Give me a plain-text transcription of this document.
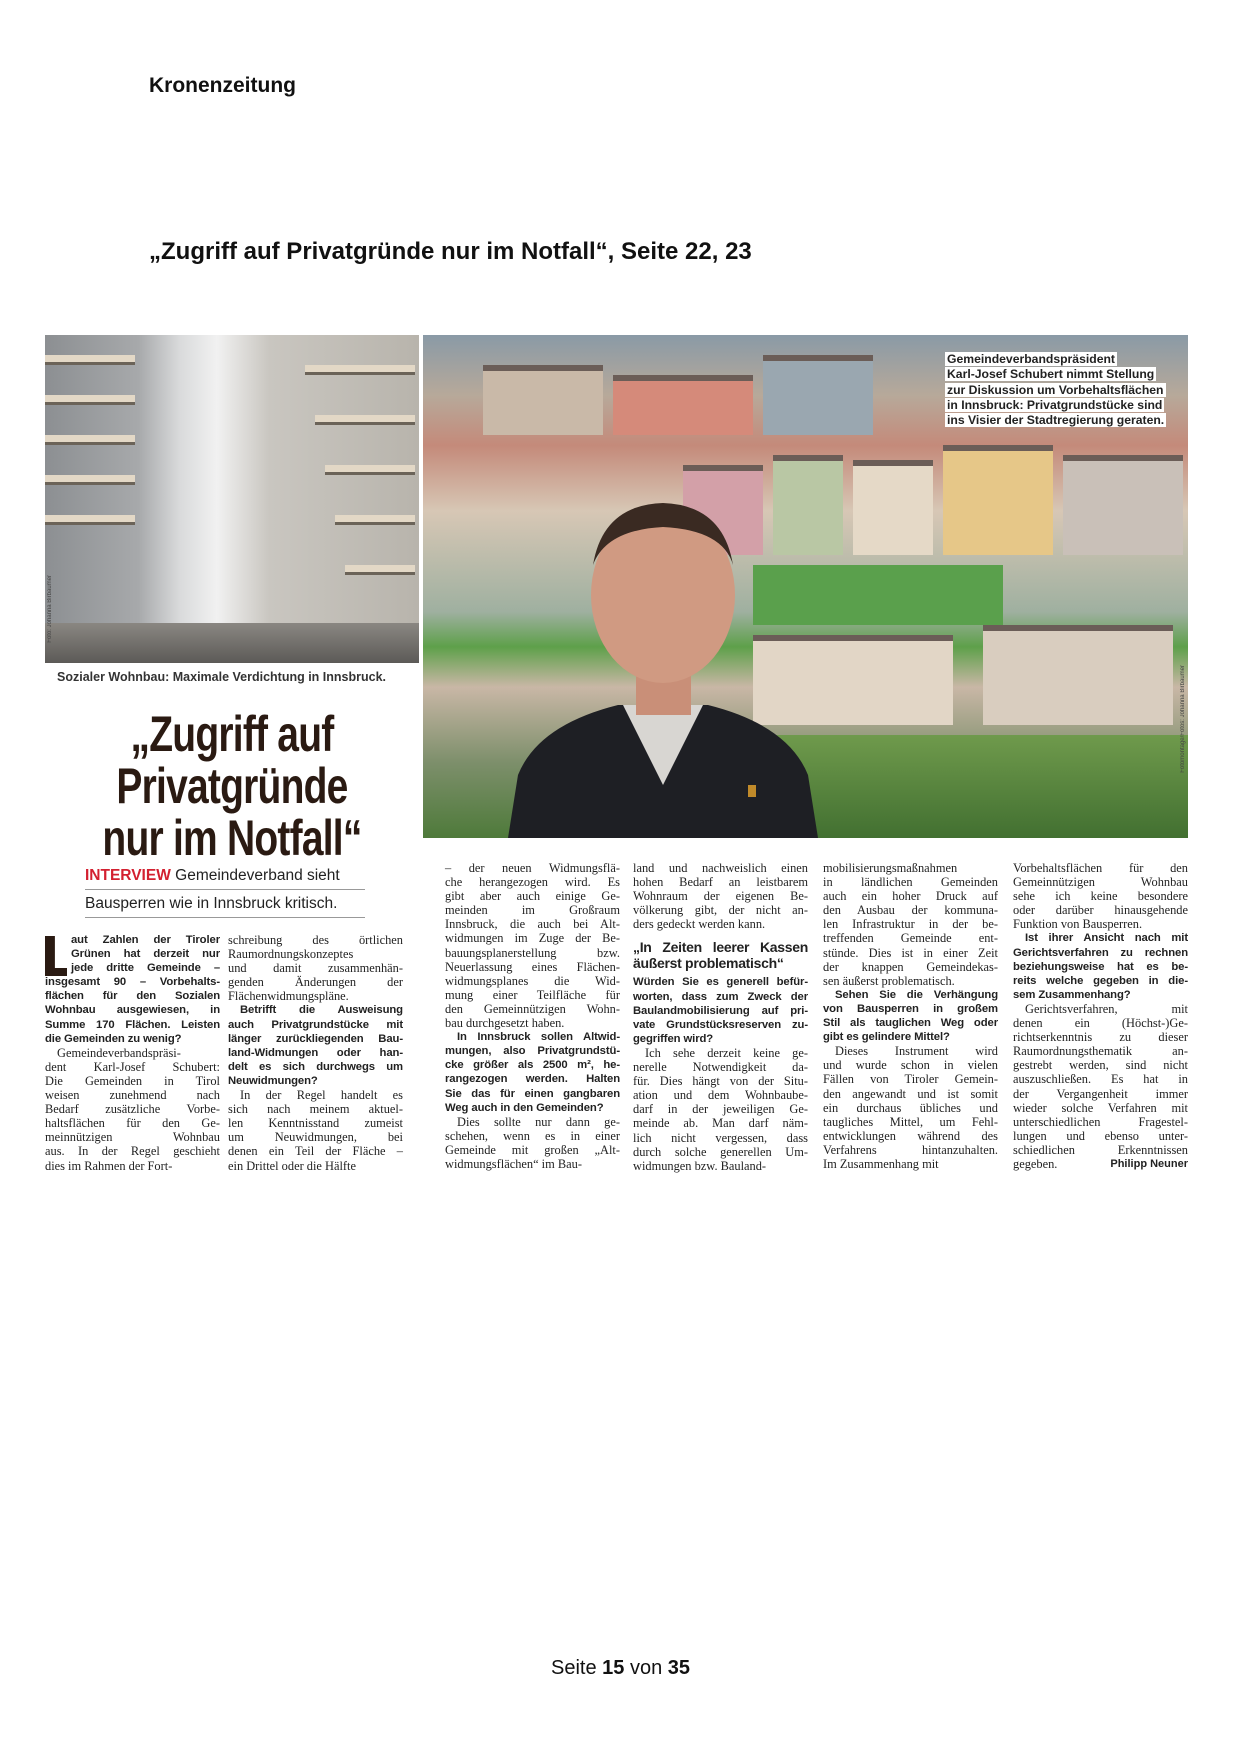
Kronenzeitung
„Zugriff auf Privatgründe nur im Notfall“, Seite 22, 23
Foto: Johanna Birbaumer
Sozialer Wohnbau: Maximale Verdichtung in Innsbruck.	Fotomontage/Fotos: Johanna Birbaumer
Gemeindeverbandspräsident
Karl-Josef Schubert nimmt Stellung
zur Diskussion um Vorbehaltsflächen
in Innsbruck: Privatgrundstücke sind
ins Visier der Stadtregierung geraten.
„Zugriff auf
Privatgründe
nur im Notfall“
INTERVIEW Gemeindeverband sieht
Bausperren wie in Innsbruck kritisch.
aut Zahlen der Tiroler
Grünen hat derzeit nur
jede dritte Gemeinde –
insgesamt 90 – Vorbehalts-
flächen für den Sozialen
Wohnbau ausgewiesen, in
Summe 170 Flächen. Leisten
die Gemeinden zu wenig?
Gemeindeverbandspräsi-
dent Karl-Josef Schubert:
Die Gemeinden in Tirol
weisen zunehmend nach
Bedarf zusätzliche Vorbe-
haltsflächen für den Ge-
meinnützigen Wohnbau
aus. In der Regel geschieht
dies im Rahmen der Fort-
schreibung des örtlichen
Raumordnungskonzeptes
und damit zusammenhän-
genden Änderungen der
Flächenwidmungspläne.
Betrifft die Ausweisung
auch Privatgrundstücke mit
länger zurückliegenden Bau-
land-Widmungen oder han-
delt es sich durchwegs um
Neuwidmungen?
In der Regel handelt es
sich nach meinem aktuel-
len Kenntnisstand zumeist
um Neuwidmungen, bei
denen ein Teil der Fläche –
ein Drittel oder die Hälfte
– der neuen Widmungsflä-
che herangezogen wird. Es
gibt aber auch einige Ge-
meinden im Großraum
Innsbruck, die auch bei Alt-
widmungen im Zuge der Be-
bauungsplanerstellung bzw.
Neuerlassung eines Flächen-
widmungsplanes die Wid-
mung einer Teilfläche für
den Gemeinnützigen Wohn-
bau durchgesetzt haben.
In Innsbruck sollen Altwid-
mungen, also Privatgrundstü-
cke größer als 2500 m², he-
rangezogen werden. Halten
Sie das für einen gangbaren
Weg auch in den Gemeinden?
Dies sollte nur dann ge-
schehen, wenn es in einer
Gemeinde mit großen „Alt-
widmungsflächen“ im Bau-
land und nachweislich einen
hohen Bedarf an leistbarem
Wohnraum der eigenen Be-
völkerung gibt, der nicht an-
ders gedeckt werden kann.
„In Zeiten leerer Kassen
äußerst problematisch“
Würden Sie es generell befür-
worten, dass zum Zweck der
Baulandmobilisierung auf pri-
vate Grundstücksreserven zu-
gegriffen wird?
Ich sehe derzeit keine ge-
nerelle Notwendigkeit da-
für. Dies hängt von der Situ-
ation und dem Wohnbaube-
darf in der jeweiligen Ge-
meinde ab. Man darf näm-
lich nicht vergessen, dass
durch solche generellen Um-
widmungen bzw. Bauland-
mobilisierungsmaßnahmen
in ländlichen Gemeinden
auch ein hoher Druck auf
den Ausbau der kommuna-
len Infrastruktur in der be-
treffenden Gemeinde ent-
stünde. Dies ist in einer Zeit
der knappen Gemeindekas-
sen äußerst problematisch.
Sehen Sie die Verhängung
von Bausperren in großem
Stil als tauglichen Weg oder
gibt es gelindere Mittel?
Dieses Instrument wird
und wurde schon in vielen
Fällen von Tiroler Gemein-
den angewandt und ist somit
ein durchaus übliches und
taugliches Mittel, um Fehl-
entwicklungen während des
Verfahrens hintanzuhalten.
Im Zusammenhang mit
Vorbehaltsflächen für den
Gemeinnützigen Wohnbau
sehe ich keine besondere
oder darüber hinausgehende
Funktion von Bausperren.
Ist ihrer Ansicht nach mit
Gerichtsverfahren zu rechnen
beziehungsweise hat es be-
reits welche gegeben in die-
sem Zusammenhang?
Gerichtsverfahren, mit
denen ein (Höchst-)Ge-
richtserkenntnis zu dieser
Raumordnungsthematik an-
gestrebt werden, sind nicht
auszuschließen. Es hat in
der Vergangenheit immer
wieder solche Verfahren mit
unterschiedlichen Fragestel-
lungen und ebenso unter-
schiedlichen Erkenntnissen
gegeben.	Philipp Neuner
Seite 15 von 35
